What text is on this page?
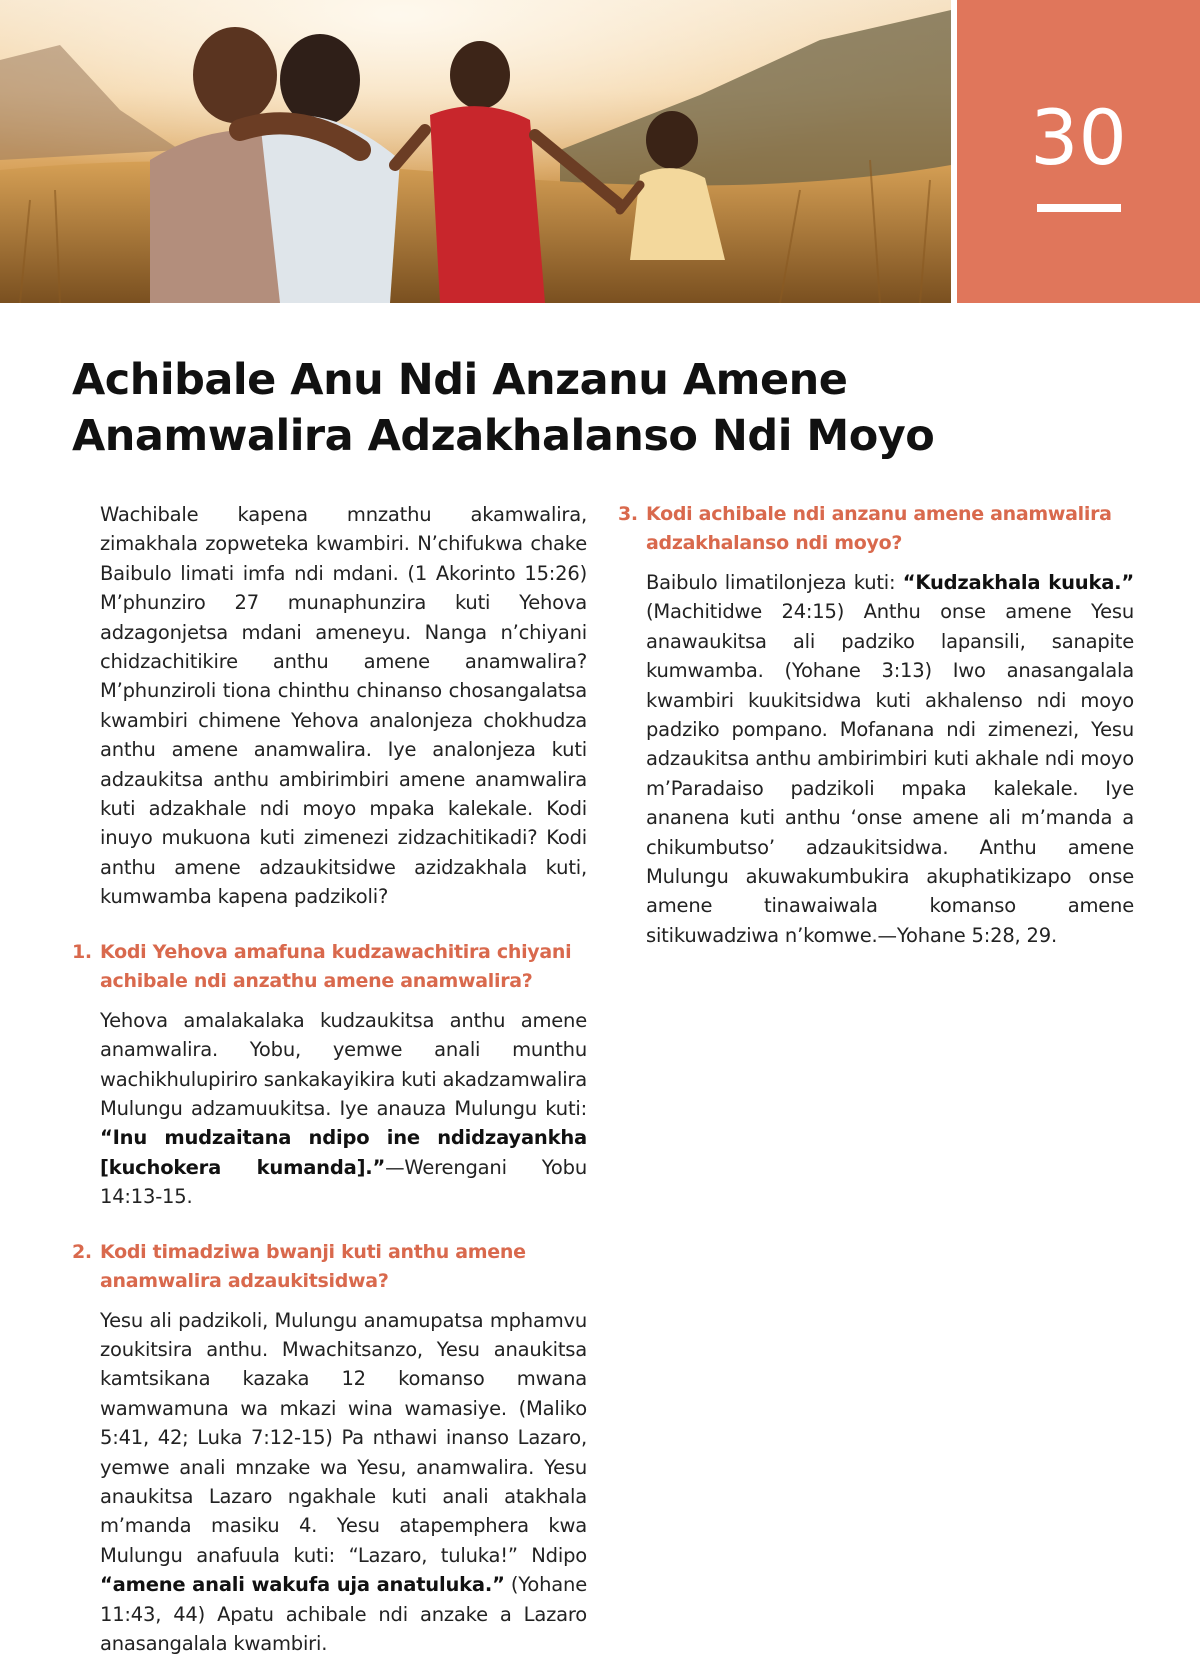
30
Achibale Anu Ndi Anzanu Amene
Anamwalira Adzakhalanso Ndi Moyo

Wachibale kapena mnzathu akamwalira, zimakhala zopweteka kwambiri. N’chifukwa chake Baibulo limati imfa ndi mdani. (1 Akorinto 15:26) M’phunziro 27 munaphunzira kuti Yehova adzagonjetsa mdani ameneyu. Nanga n’chiyani chidzachitikire anthu amene anamwalira? M’phunziroli tiona chinthu chinanso chosangalatsa kwambiri chimene Yehova analonjeza chokhudza anthu amene anamwalira. Iye analonjeza kuti adzaukitsa anthu ambirimbiri amene anamwalira kuti adzakhale ndi moyo mpaka kalekale. Kodi inuyo mukuona kuti zimenezi zidzachitikadi? Kodi anthu amene adzaukitsidwe azidzakhala kuti, kumwamba kapena padzikoli?

1. Kodi Yehova amafuna kudzawachitira chiyani achibale ndi anzathu amene anamwalira?

Yehova amalakalaka kudzaukitsa anthu amene anamwalira. Yobu, yemwe anali munthu wachikhulupiriro sankakayikira kuti akadzamwalira Mulungu adzamuukitsa. Iye anauza Mulungu kuti: “Inu mudzaitana ndipo ine ndidzayankha [kuchokera kumanda].”—Werengani Yobu 14:13-15.

2. Kodi timadziwa bwanji kuti anthu amene anamwalira adzaukitsidwa?

Yesu ali padzikoli, Mulungu anamupatsa mphamvu zoukitsira anthu. Mwachitsanzo, Yesu anaukitsa kamtsikana kazaka 12 komanso mwana wamwamuna wa mkazi wina wamasiye. (Maliko 5:41, 42; Luka 7:12-15) Pa nthawi inanso Lazaro, yemwe anali mnzake wa Yesu, anamwalira. Yesu anaukitsa Lazaro ngakhale kuti anali atakhala m’manda masiku 4. Yesu atapemphera kwa Mulungu anafuula kuti: “Lazaro, tuluka!” Ndipo “amene anali wakufa uja anatuluka.” (Yohane 11:43, 44) Apatu achibale ndi anzake a Lazaro anasangalala kwambiri.

3. Kodi achibale ndi anzanu amene anamwalira adzakhalanso ndi moyo?

Baibulo limatilonjeza kuti: “Kudzakhala kuuka.” (Machitidwe 24:15) Anthu onse amene Yesu anawaukitsa ali padziko lapansili, sanapite kumwamba. (Yohane 3:13) Iwo anasangalala kwambiri kuukitsidwa kuti akhalenso ndi moyo padziko pompano. Mofanana ndi zimenezi, Yesu adzaukitsa anthu ambirimbiri kuti akhale ndi moyo m’Paradaiso padzikoli mpaka kalekale. Iye ananena kuti anthu ‘onse amene ali m’manda a chikumbutso’ adzaukitsidwa. Anthu amene Mulungu akuwakumbukira akuphatikizapo onse amene tinawaiwala komanso amene sitikuwadziwa n’komwe.—Yohane 5:28, 29.
